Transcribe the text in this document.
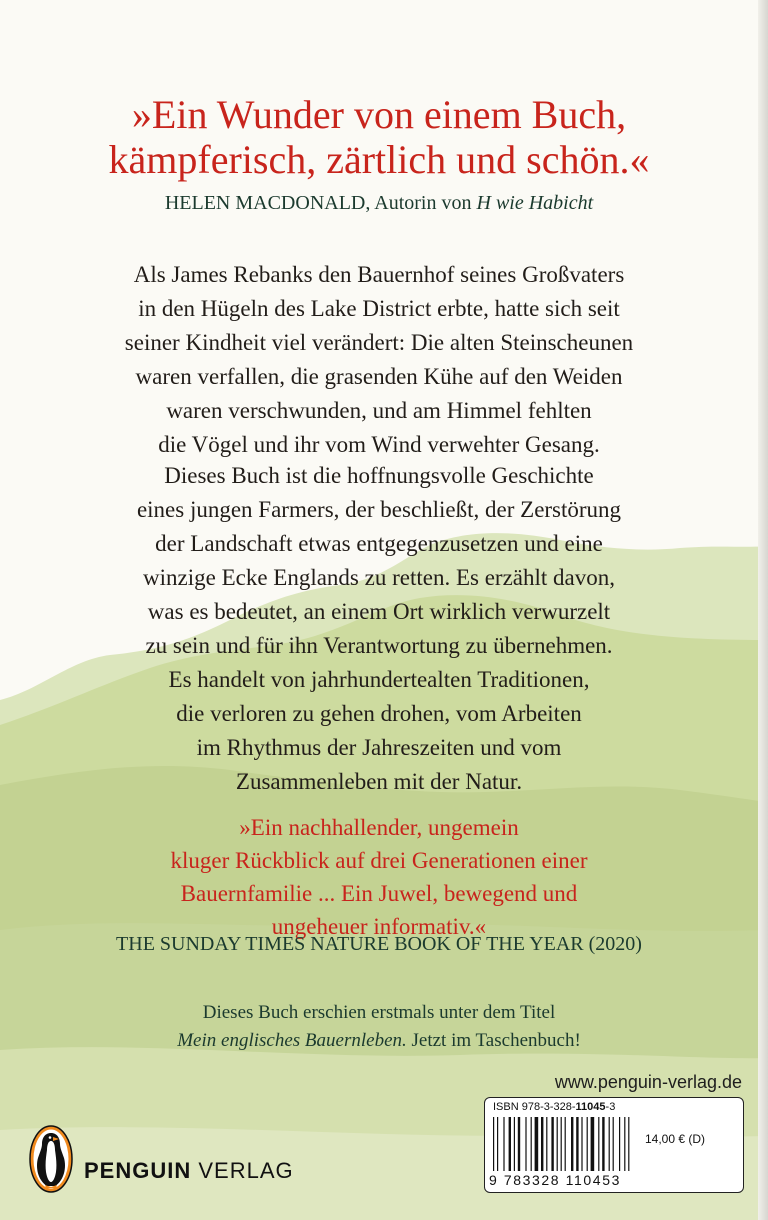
»Ein Wunder von einem Buch,
kämpferisch, zärtlich und schön.«
HELEN MACDONALD, Autorin von H wie Habicht
Als James Rebanks den Bauernhof seines Großvaters
in den Hügeln des Lake District erbte, hatte sich seit
seiner Kindheit viel verändert: Die alten Steinscheunen
waren verfallen, die grasenden Kühe auf den Weiden
waren verschwunden, und am Himmel fehlten
die Vögel und ihr vom Wind verwehter Gesang.
Dieses Buch ist die hoffnungsvolle Geschichte
eines jungen Farmers, der beschließt, der Zerstörung
der Landschaft etwas entgegenzusetzen und eine
winzige Ecke Englands zu retten. Es erzählt davon,
was es bedeutet, an einem Ort wirklich verwurzelt
zu sein und für ihn Verantwortung zu übernehmen.
Es handelt von jahrhundertealten Traditionen,
die verloren zu gehen drohen, vom Arbeiten
im Rhythmus der Jahreszeiten und vom
Zusammenleben mit der Natur.
»Ein nachhallender, ungemein
kluger Rückblick auf drei Generationen einer
Bauernfamilie ... Ein Juwel, bewegend und
ungeheuer informativ.«
THE SUNDAY TIMES NATURE BOOK OF THE YEAR (2020)
Dieses Buch erschien erstmals unter dem Titel
Mein englisches Bauernleben. Jetzt im Taschenbuch!
www.penguin-verlag.de
ISBN 978-3-328-11045-3
9 783328 110453
14,00 € (D)
PENGUIN VERLAG
